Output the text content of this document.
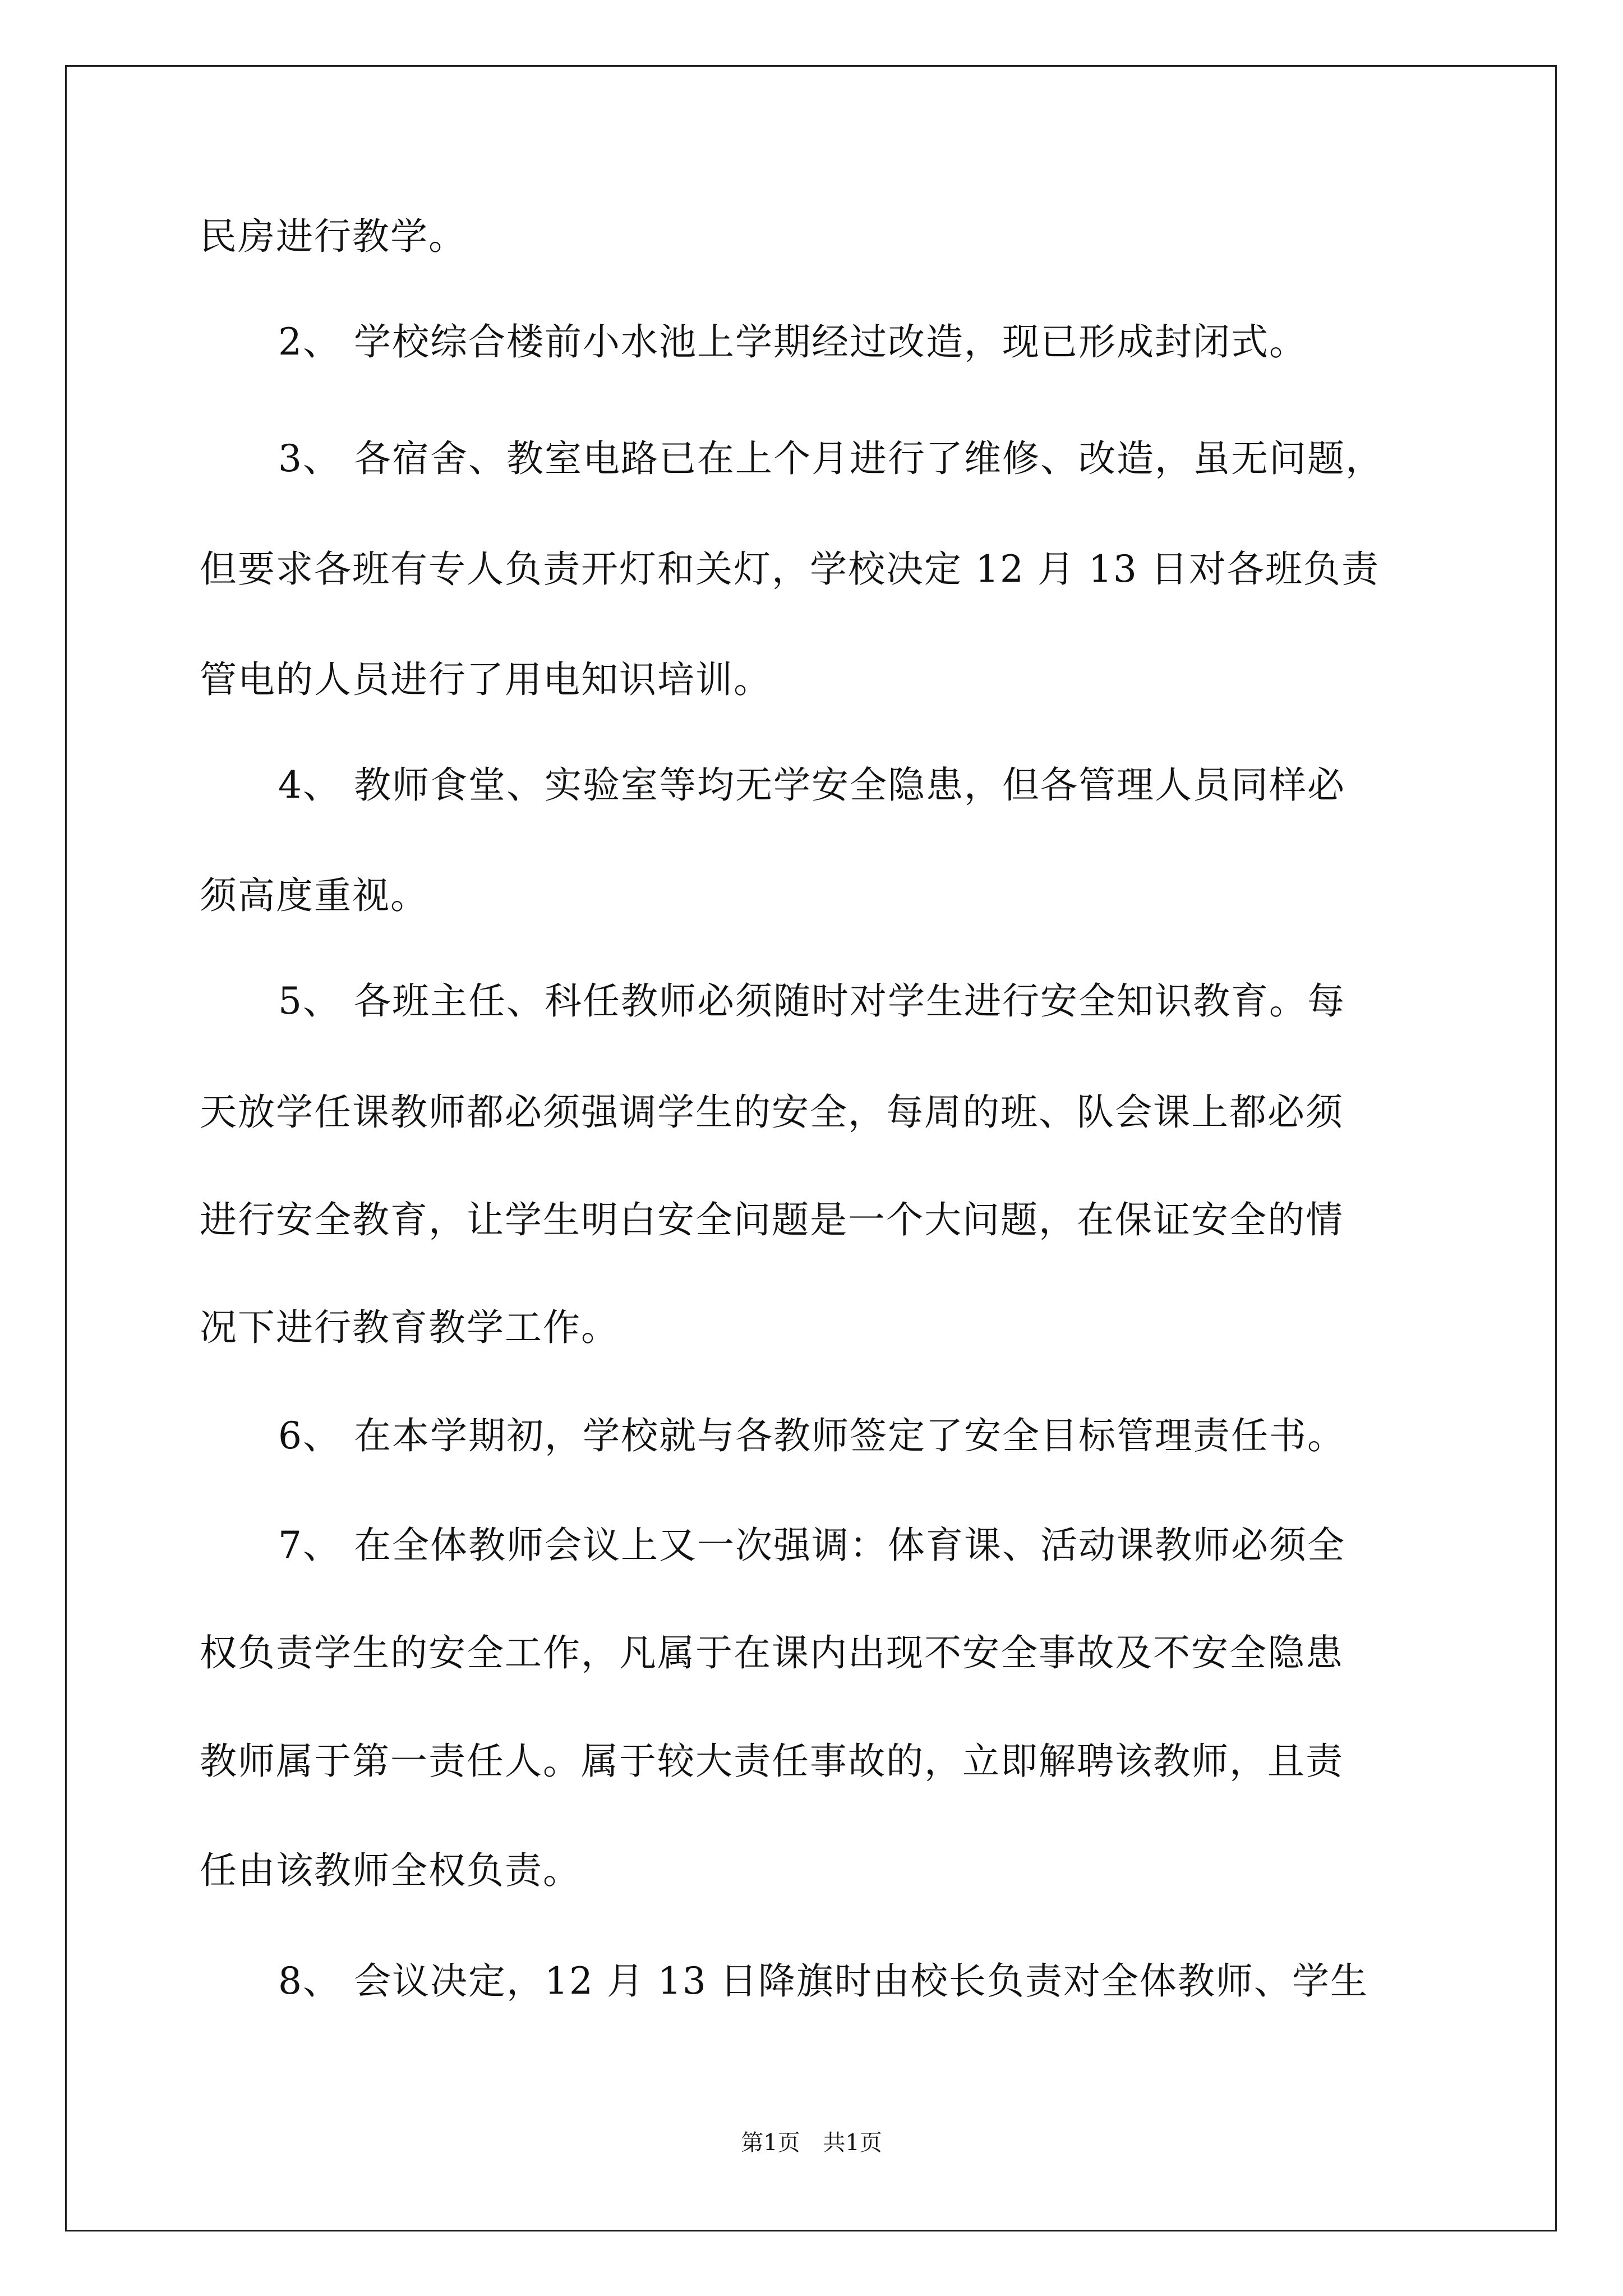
民房进行教学。
2、 学校综合楼前小水池上学期经过改造，现已形成封闭式。
3、 各宿舍、教室电路已在上个月进行了维修、改造，虽无问题，
但要求各班有专人负责开灯和关灯，学校决定 12 月 13 日对各班负责
管电的人员进行了用电知识培训。
4、 教师食堂、实验室等均无学安全隐患，但各管理人员同样必
须高度重视。
5、 各班主任、科任教师必须随时对学生进行安全知识教育。每
天放学任课教师都必须强调学生的安全，每周的班、队会课上都必须
进行安全教育，让学生明白安全问题是一个大问题，在保证安全的情
况下进行教育教学工作。
6、 在本学期初，学校就与各教师签定了安全目标管理责任书。
7、 在全体教师会议上又一次强调：体育课、活动课教师必须全
权负责学生的安全工作，凡属于在课内出现不安全事故及不安全隐患
教师属于第一责任人。属于较大责任事故的，立即解聘该教师，且责
任由该教师全权负责。
8、 会议决定，12 月 13 日降旗时由校长负责对全体教师、学生
第1页 共1页
